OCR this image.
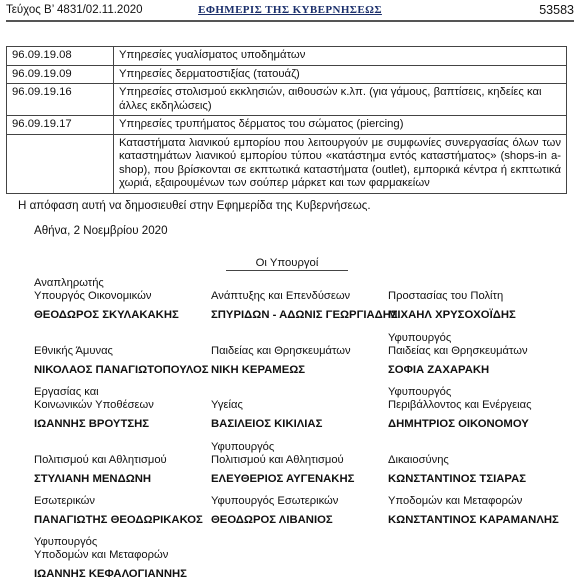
Τεύχος Β’ 4831/02.11.2020	ΕΦΗΜΕΡΙΣ ΤΗΣ ΚΥΒΕΡΝΗΣΕΩΣ	53583
96.09.19.08	Υπηρεσίες γυαλίσματος υποδημάτων
96.09.19.09	Υπηρεσίες δερματοστιξίας (τατουάζ)
96.09.19.16	Υπηρεσίες στολισμού εκκλησιών, αιθουσών κ.λπ. (για γάμους, βαπτίσεις, κηδείες και άλλες εκδηλώσεις)
96.09.19.17	Υπηρεσίες τρυπήματος δέρματος του σώματος (piercing)
	Καταστήματα λιανικού εμπορίου που λειτουργούν με συμφωνίες συνεργασίας όλων των καταστημάτων λιανικού εμπορίου τύπου «κατάστημα εντός καταστήματος» (shops-in a-shop), που βρίσκονται σε εκπτωτικά καταστήματα (outlet), εμπορικά κέντρα ή εκπτωτικά χωριά, εξαιρουμένων των σούπερ μάρκετ και των φαρμακείων
Η απόφαση αυτή να δημοσιευθεί στην Εφημερίδα της Κυβερνήσεως.
Αθήνα, 2 Νοεμβρίου 2020
Οι Υπουργοί
Αναπληρωτής
Υπουργός Οικονομικών
ΘΕΟΔΩΡΟΣ ΣΚΥΛΑΚΑΚΗΣ
Ανάπτυξης και Επενδύσεων
ΣΠΥΡΙΔΩΝ - ΑΔΩΝΙΣ ΓΕΩΡΓΙΑΔΗΣ
Προστασίας του Πολίτη
ΜΙΧΑΗΛ ΧΡΥΣΟΧΟΪΔΗΣ
Εθνικής Άμυνας
ΝΙΚΟΛΑΟΣ ΠΑΝΑΓΙΩΤΟΠΟΥΛΟΣ
Παιδείας και Θρησκευμάτων
ΝΙΚΗ ΚΕΡΑΜΕΩΣ
Υφυπουργός
Παιδείας και Θρησκευμάτων
ΣΟΦΙΑ ΖΑΧΑΡΑΚΗ
Εργασίας και
Κοινωνικών Υποθέσεων
ΙΩΑΝΝΗΣ ΒΡΟΥΤΣΗΣ
Υγείας
ΒΑΣΙΛΕΙΟΣ ΚΙΚΙΛΙΑΣ
Υφυπουργός
Περιβάλλοντος και Ενέργειας
ΔΗΜΗΤΡΙΟΣ ΟΙΚΟΝΟΜΟΥ
Πολιτισμού και Αθλητισμού
ΣΤΥΛΙΑΝΗ ΜΕΝΔΩΝΗ
Υφυπουργός
Πολιτισμού και Αθλητισμού
ΕΛΕΥΘΕΡΙΟΣ ΑΥΓΕΝΑΚΗΣ
Δικαιοσύνης
ΚΩΝΣΤΑΝΤΙΝΟΣ ΤΣΙΑΡΑΣ
Εσωτερικών
ΠΑΝΑΓΙΩΤΗΣ ΘΕΟΔΩΡΙΚΑΚΟΣ
Υφυπουργός Εσωτερικών
ΘΕΟΔΩΡΟΣ ΛΙΒΑΝΙΟΣ
Υποδομών και Μεταφορών
ΚΩΝΣΤΑΝΤΙΝΟΣ ΚΑΡΑΜΑΝΛΗΣ
Υφυπουργός
Υποδομών και Μεταφορών
ΙΩΑΝΝΗΣ ΚΕΦΑΛΟΓΙΑΝΝΗΣ
